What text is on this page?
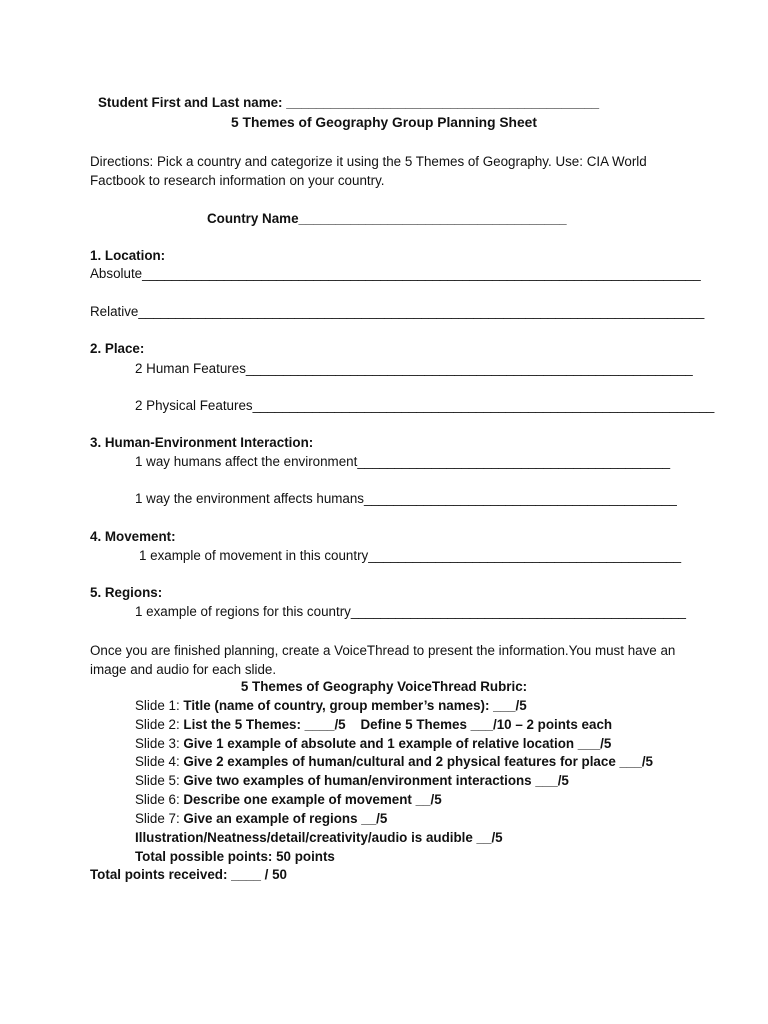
Student First and Last name: __________________________________________
5 Themes of Geography Group Planning Sheet
Directions: Pick a country and categorize it using the 5 Themes of Geography. Use: CIA World Factbook to research information on your country.
Country Name____________________________________
1. Location:
Absolute___________________________________________________________________________
Relative____________________________________________________________________________
2. Place:
2 Human Features____________________________________________________________
2 Physical Features______________________________________________________________
3. Human-Environment Interaction:
1 way humans affect the environment__________________________________________
1 way the environment affects humans__________________________________________
4. Movement:
1 example of movement in this country__________________________________________
5. Regions:
1 example of regions for this country_____________________________________________
Once you are finished planning, create a VoiceThread to present the information.You must have an image and audio for each slide.
5 Themes of Geography VoiceThread Rubric:
Slide 1: Title (name of country, group member’s names): ___/5
Slide 2: List the 5 Themes: ____/5    Define 5 Themes ___/10 – 2 points each
Slide 3: Give 1 example of absolute and 1 example of relative location ___/5
Slide 4: Give 2 examples of human/cultural and 2 physical features for place ___/5
Slide 5: Give two examples of human/environment interactions ___/5
Slide 6: Describe one example of movement __/5
Slide 7: Give an example of regions __/5
Illustration/Neatness/detail/creativity/audio is audible __/5
Total possible points: 50 points
Total points received: ____ / 50
